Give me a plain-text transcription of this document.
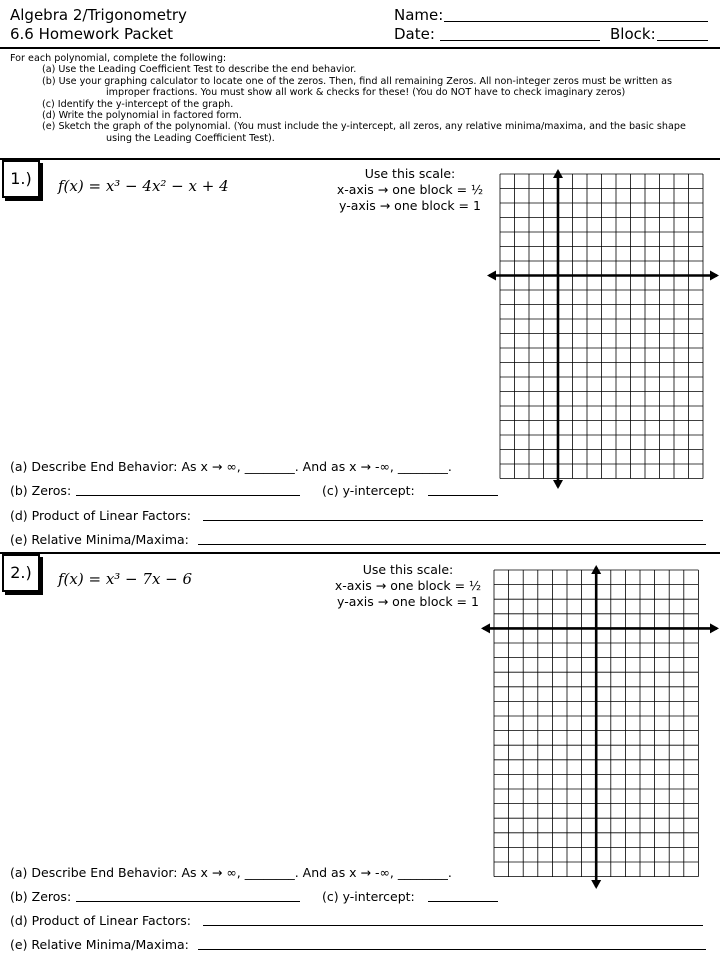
Algebra 2/Trigonometry
6.6 Homework Packet
Name:
Date:	Block:
For each polynomial, complete the following:
(a) Use the Leading Coefficient Test to describe the end behavior.
(b) Use your graphing calculator to locate one of the zeros. Then, find all remaining Zeros. All non-integer zeros must be written as
improper fractions. You must show all work & checks for these! (You do NOT have to check imaginary zeros)
(c) Identify the y-intercept of the graph.
(d) Write the polynomial in factored form.
(e) Sketch the graph of the polynomial. (You must include the y-intercept, all zeros, any relative minima/maxima, and the basic shape
using the Leading Coefficient Test).
1.)	f(x) = x³ − 4x² − x + 4
Use this scale:
x-axis → one block = ½
y-axis → one block = 1
(a) Describe End Behavior: As x → ∞, ________. And as x → -∞, ________.
(b) Zeros:	(c) y-intercept:
(d) Product of Linear Factors:
(e) Relative Minima/Maxima:
2.)	f(x) = x³ − 7x − 6
Use this scale:
x-axis → one block = ½
y-axis → one block = 1
(a) Describe End Behavior: As x → ∞, ________. And as x → -∞, ________.
(b) Zeros:	(c) y-intercept:
(d) Product of Linear Factors:
(e) Relative Minima/Maxima:
